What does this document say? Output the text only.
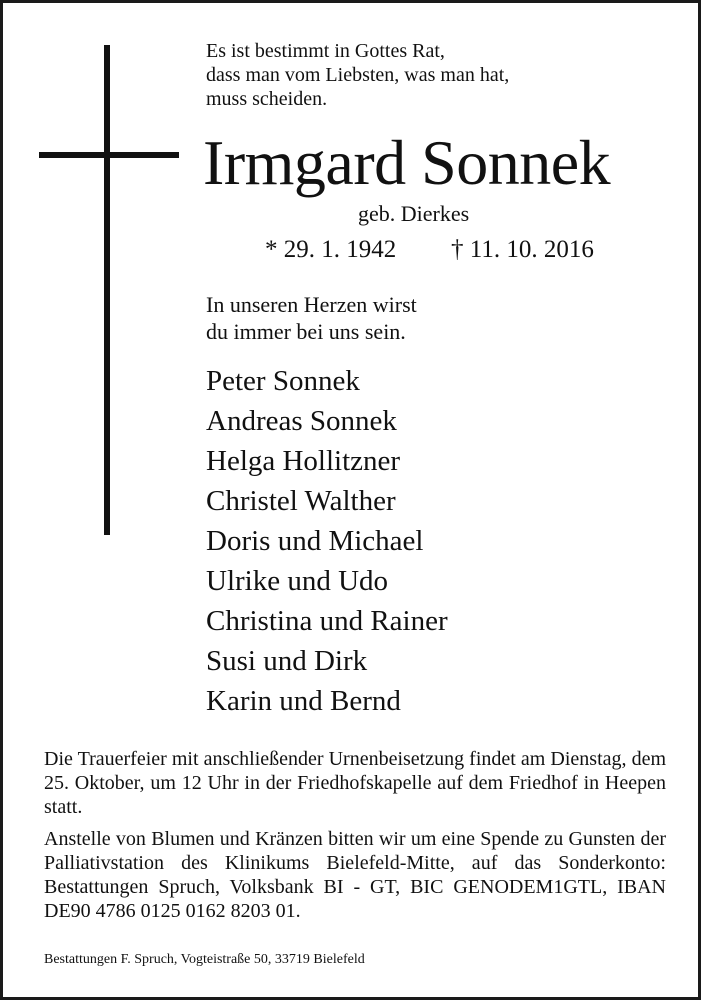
Es ist bestimmt in Gottes Rat,
dass man vom Liebsten, was man hat,
muss scheiden.
Irmgard Sonnek
geb. Dierkes
* 29. 1. 1942 † 11. 10. 2016
In unseren Herzen wirst
du immer bei uns sein.
Peter Sonnek
Andreas Sonnek
Helga Hollitzner
Christel Walther
Doris und Michael
Ulrike und Udo
Christina und Rainer
Susi und Dirk
Karin und Bernd

Die Trauerfeier mit anschließender Urnenbeisetzung findet am Dienstag, dem 25. Oktober, um 12 Uhr in der Friedhofskapelle auf dem Friedhof in Heepen statt.

Anstelle von Blumen und Kränzen bitten wir um eine Spende zu Gunsten der Palliativstation des Klinikums Bielefeld-Mitte, auf das Sonderkonto: Bestattungen Spruch, Volksbank BI - GT, BIC GENODEM1GTL, IBAN DE90 4786 0125 0162 8203 01.

Bestattungen F. Spruch, Vogteistraße 50, 33719 Bielefeld
